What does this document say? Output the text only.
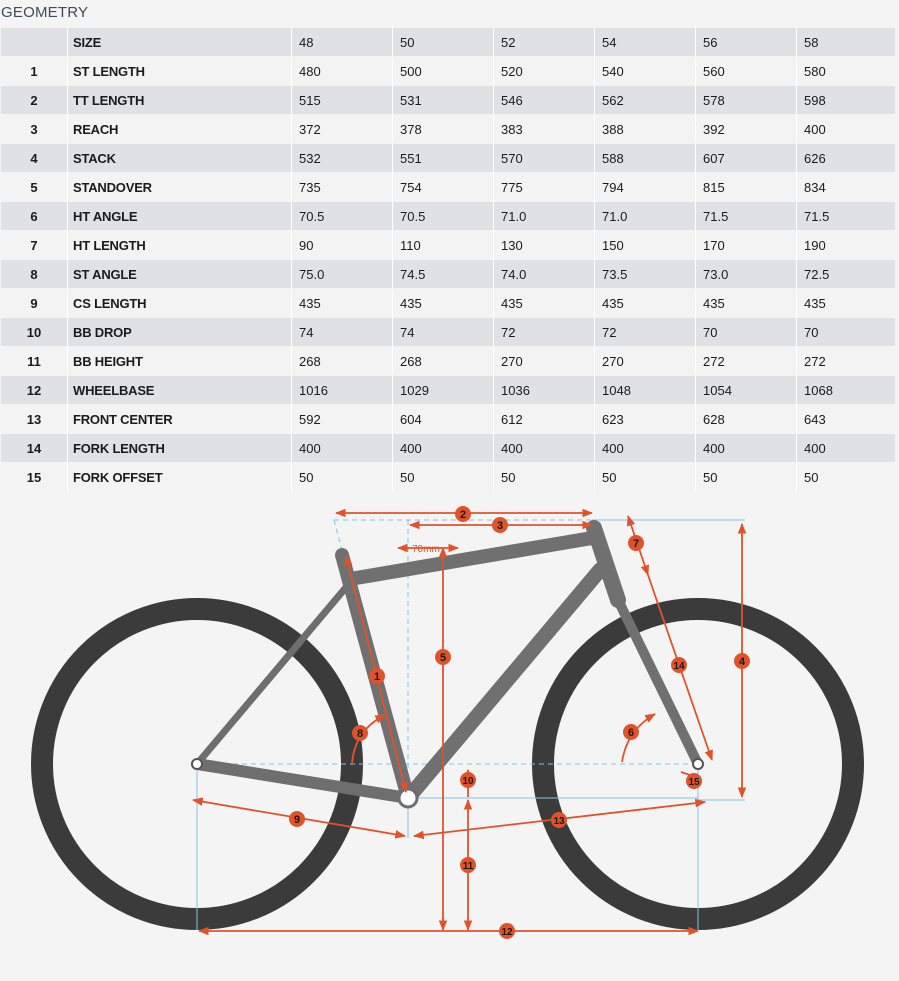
GEOMETRY
	SIZE	48	50	52	54	56	58
1	ST LENGTH	480	500	520	540	560	580
2	TT LENGTH	515	531	546	562	578	598
3	REACH	372	378	383	388	392	400
4	STACK	532	551	570	588	607	626
5	STANDOVER	735	754	775	794	815	834
6	HT ANGLE	70.5	70.5	71.0	71.0	71.5	71.5
7	HT LENGTH	90	110	130	150	170	190
8	ST ANGLE	75.0	74.5	74.0	73.5	73.0	72.5
9	CS LENGTH	435	435	435	435	435	435
10	BB DROP	74	74	72	72	70	70
11	BB HEIGHT	268	268	270	270	272	272
12	WHEELBASE	1016	1029	1036	1048	1054	1068
13	FRONT CENTER	592	604	612	623	628	643
14	FORK LENGTH	400	400	400	400	400	400
15	FORK OFFSET	50	50	50	50	50	50
70mm
1
2
3
4
5
6
7
8
9
10
11
12
13
14
15
